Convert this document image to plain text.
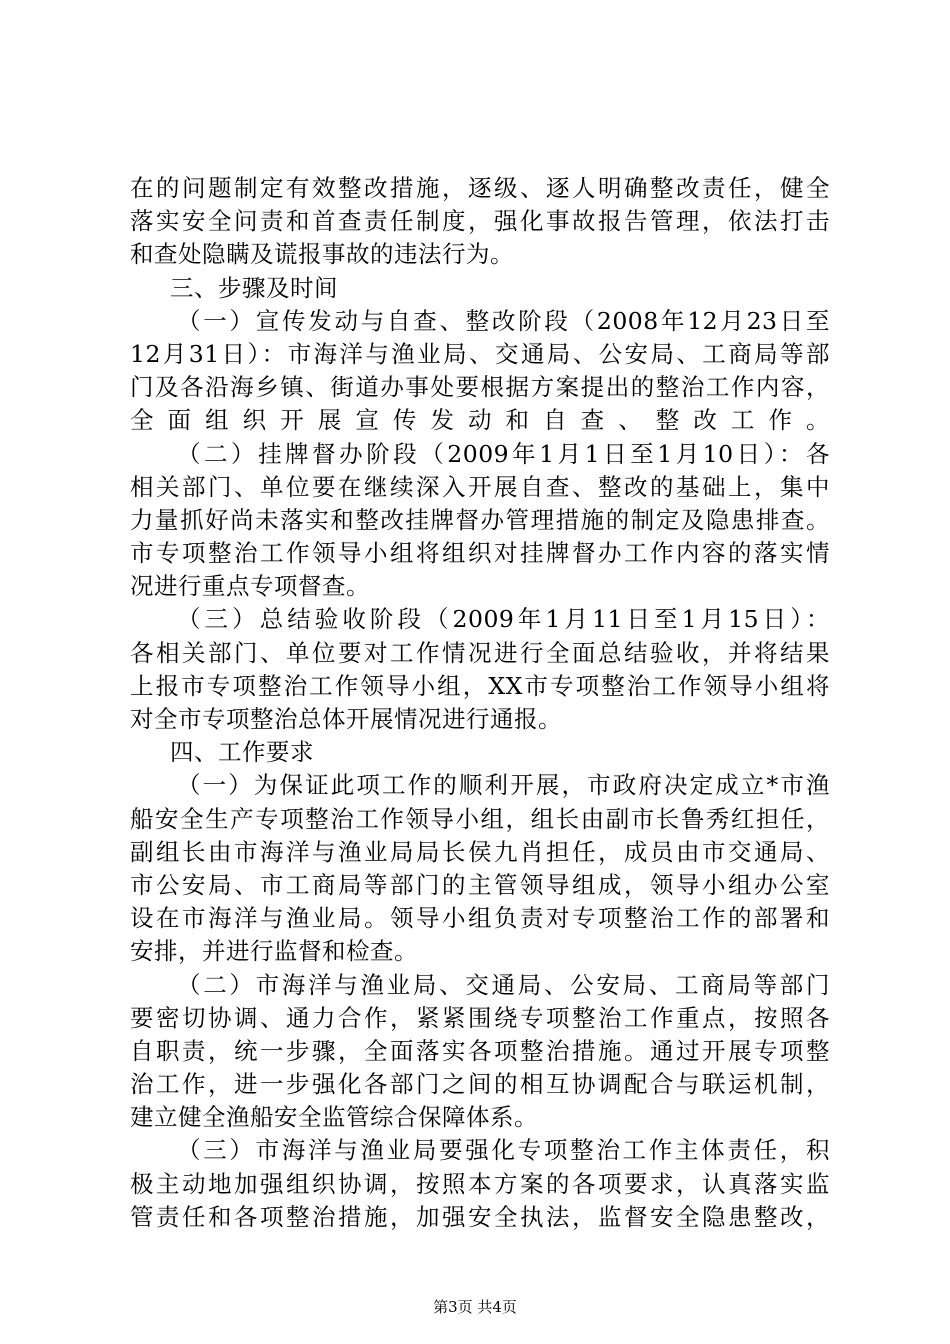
在的问题制定有效整改措施，逐级、逐人明确整改责任，健全
落实安全问责和首查责任制度，强化事故报告管理，依法打击
和查处隐瞒及谎报事故的违法行为。
三、步骤及时间
（一）宣传发动与自查、整改阶段（2008年12月23日至
12月31日）：市海洋与渔业局、交通局、公安局、工商局等部
门及各沿海乡镇、街道办事处要根据方案提出的整治工作内容，
全面组织开展宣传发动和自查、整改工作。
（二）挂牌督办阶段（2009年1月1日至1月10日）：各
相关部门、单位要在继续深入开展自查、整改的基础上，集中
力量抓好尚未落实和整改挂牌督办管理措施的制定及隐患排查。
市专项整治工作领导小组将组织对挂牌督办工作内容的落实情
况进行重点专项督查。
（三）总结验收阶段（2009年1月11日至1月15日）：
各相关部门、单位要对工作情况进行全面总结验收，并将结果
上报市专项整治工作领导小组，XX市专项整治工作领导小组将
对全市专项整治总体开展情况进行通报。
四、工作要求
（一）为保证此项工作的顺利开展，市政府决定成立*市渔
船安全生产专项整治工作领导小组，组长由副市长鲁秀红担任，
副组长由市海洋与渔业局局长侯九肖担任，成员由市交通局、
市公安局、市工商局等部门的主管领导组成，领导小组办公室
设在市海洋与渔业局。领导小组负责对专项整治工作的部署和
安排，并进行监督和检查。
（二）市海洋与渔业局、交通局、公安局、工商局等部门
要密切协调、通力合作，紧紧围绕专项整治工作重点，按照各
自职责，统一步骤，全面落实各项整治措施。通过开展专项整
治工作，进一步强化各部门之间的相互协调配合与联运机制，
建立健全渔船安全监管综合保障体系。
（三）市海洋与渔业局要强化专项整治工作主体责任，积
极主动地加强组织协调，按照本方案的各项要求，认真落实监
管责任和各项整治措施，加强安全执法，监督安全隐患整改，
第3页 共4页
